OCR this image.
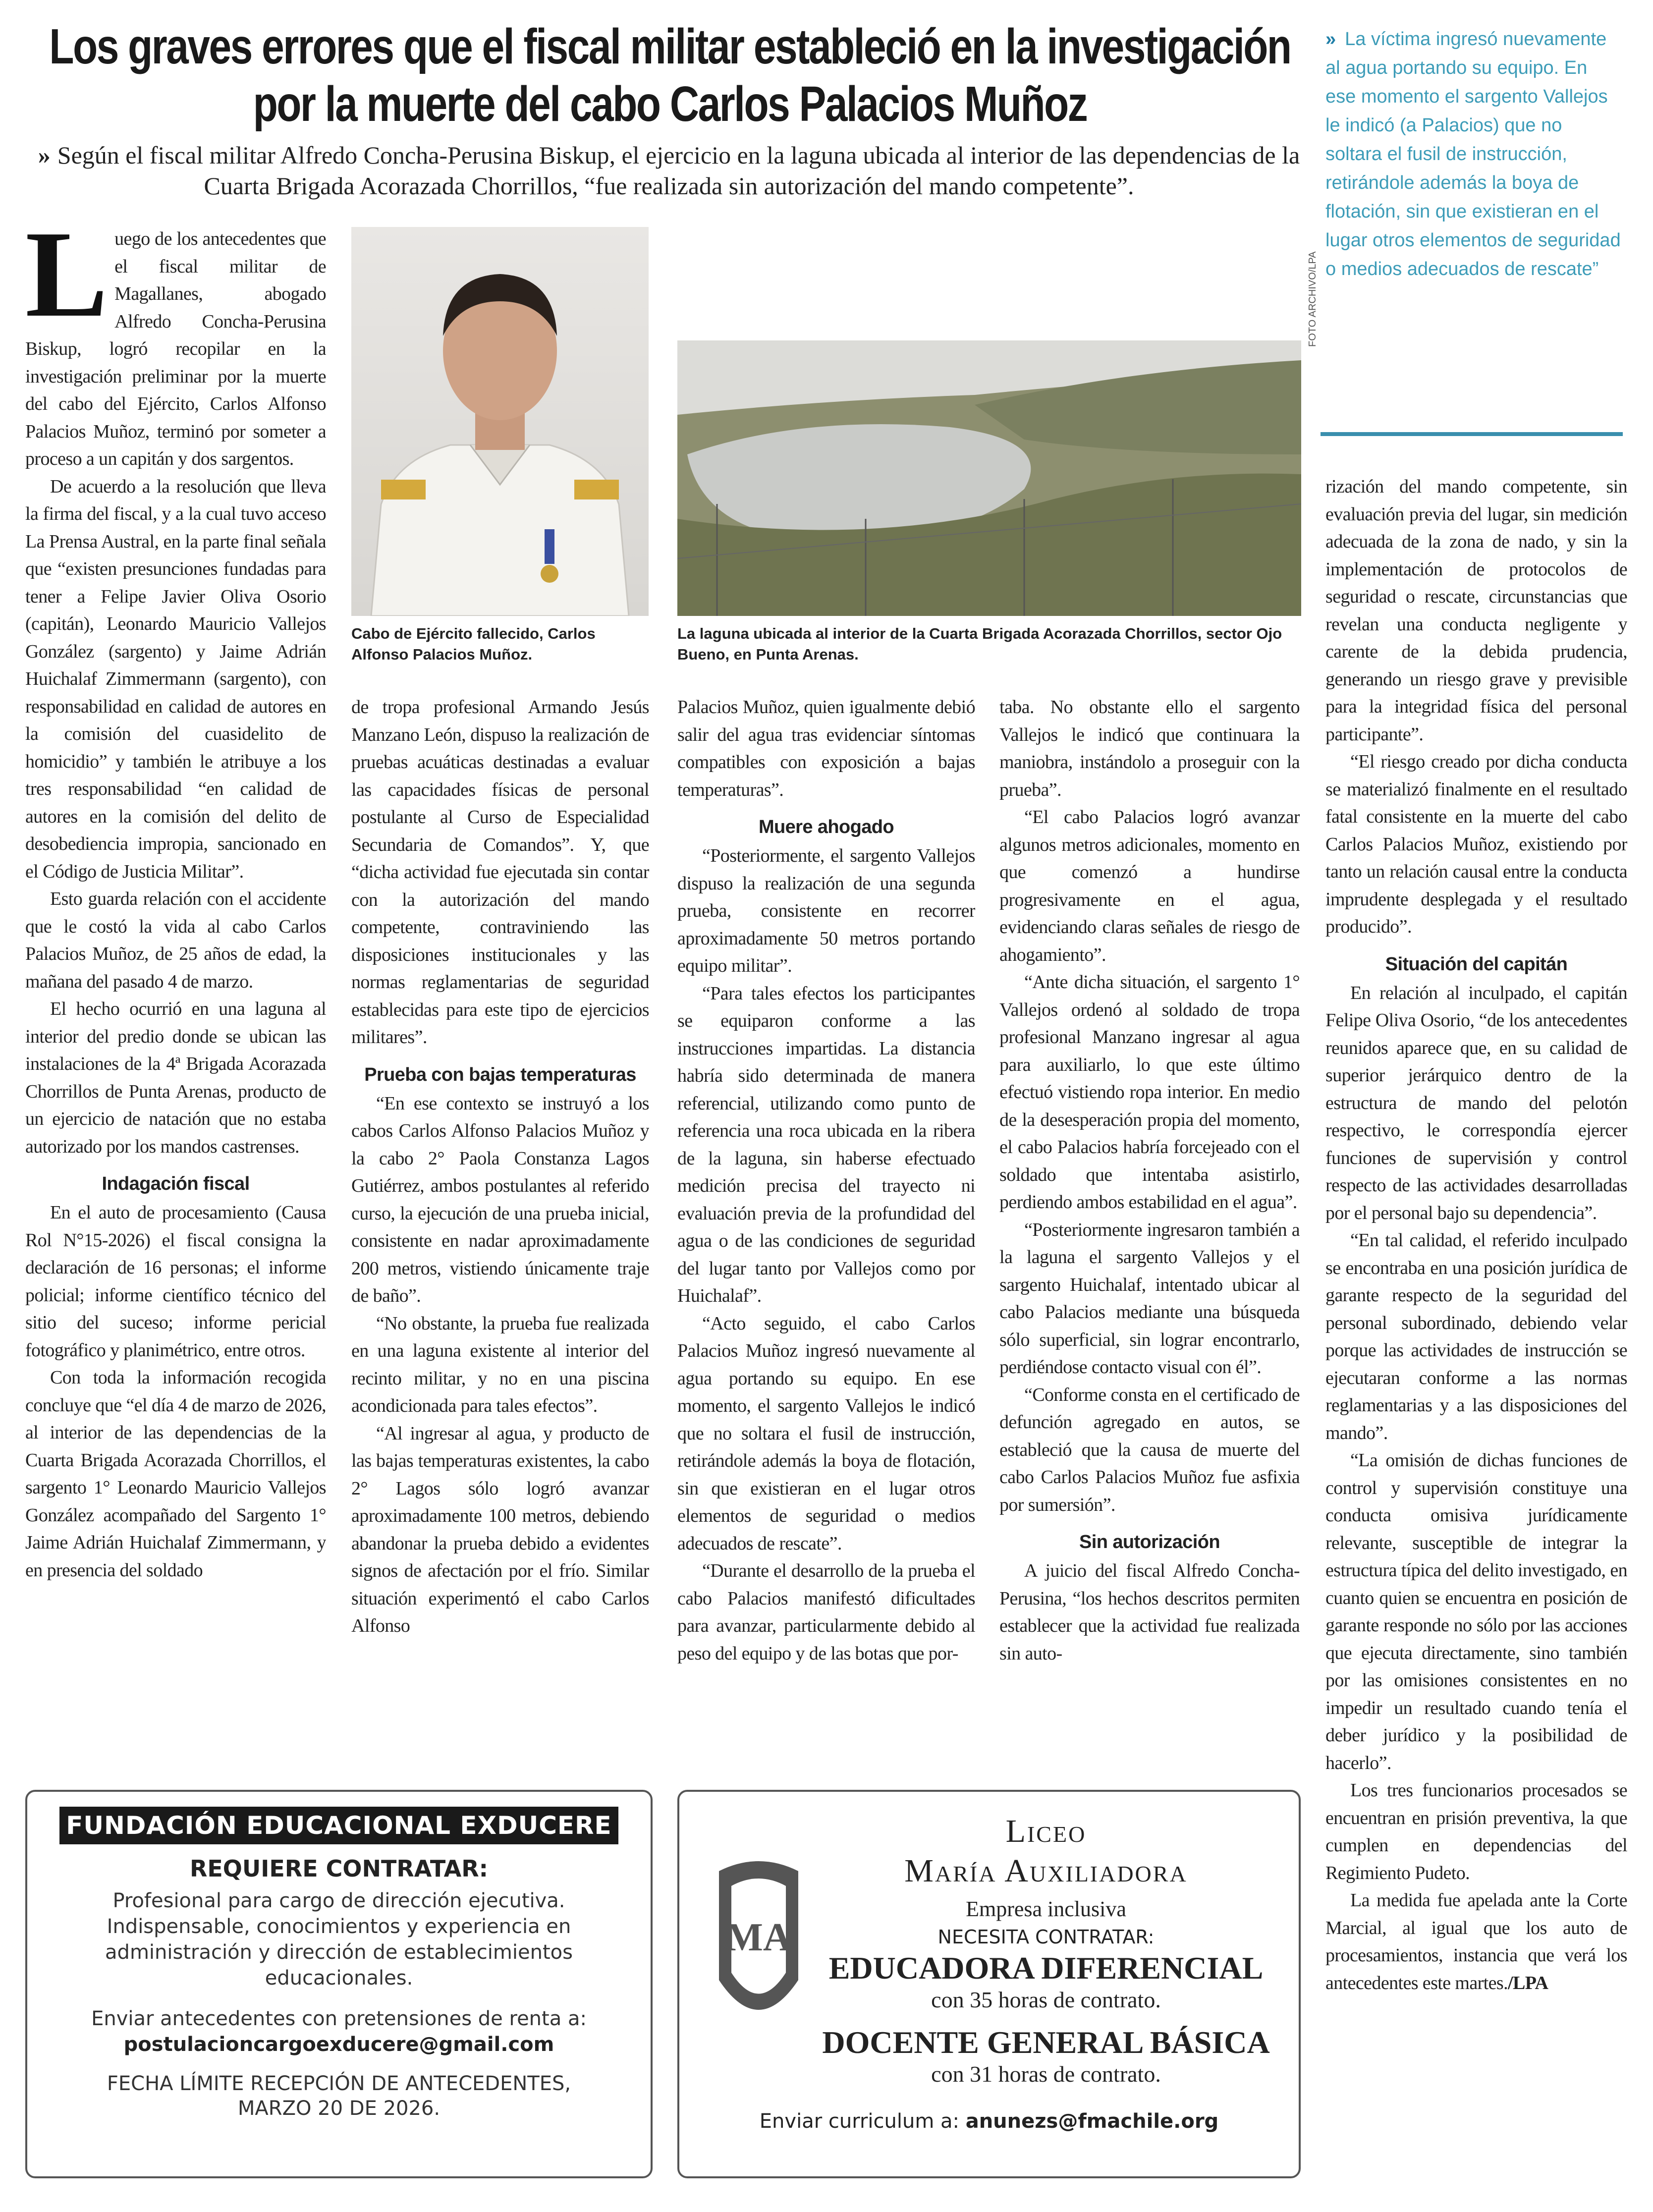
Los graves errores que el fiscal militar estableció en la investigación por la muerte del cabo Carlos Palacios Muñoz
» Según el fiscal militar Alfredo Concha-Perusina Biskup, el ejercicio en la laguna ubicada al interior de las dependencias de la Cuarta Brigada Acorazada Chorrillos, “fue realizada sin autorización del mando competente”.
» La víctima ingresó nuevamente al agua portando su equipo. En ese momento el sargento Vallejos le indicó (a Palacios) que no soltara el fusil de instrucción, retirándole además la boya de flotación, sin que existieran en el lugar otros elementos de seguridad o medios adecuados de rescate”
L uego de los antecedentes que el fiscal militar de Magallanes, abogado Alfredo Concha-Perusina Biskup, logró recopilar en la investigación preliminar por la muerte del cabo del Ejército, Carlos Alfonso Palacios Muñoz, terminó por someter a proceso a un capitán y dos sargentos.

De acuerdo a la resolución que lleva la firma del fiscal, y a la cual tuvo acceso La Prensa Austral, en la parte final señala que “existen presunciones fundadas para tener a Felipe Javier Oliva Osorio (capitán), Leonardo Mauricio Vallejos González (sargento) y Jaime Adrián Huichalaf Zimmermann (sargento), con responsabilidad en calidad de autores en la comisión del cuasidelito de homicidio” y también le atribuye a los tres responsabilidad “en calidad de autores en la comisión del delito de desobediencia impropia, sancionado en el Código de Justicia Militar”.

Esto guarda relación con el accidente que le costó la vida al cabo Carlos Palacios Muñoz, de 25 años de edad, la mañana del pasado 4 de marzo.

El hecho ocurrió en una laguna al interior del predio donde se ubican las instalaciones de la 4ª Brigada Acorazada Chorrillos de Punta Arenas, producto de un ejercicio de natación que no estaba autorizado por los mandos castrenses.

Indagación fiscal

En el auto de procesamiento (Causa Rol N°15-2026) el fiscal consigna la declaración de 16 personas; el informe policial; informe científico técnico del sitio del suceso; informe pericial fotográfico y planimétrico, entre otros.

Con toda la información recogida concluye que “el día 4 de marzo de 2026, al interior de las dependencias de la Cuarta Brigada Acorazada Chorrillos, el sargento 1° Leonardo Mauricio Vallejos González acompañado del Sargento 1° Jaime Adrián Huichalaf Zimmermann, y en presencia del soldado

Cabo de Ejército fallecido, Carlos Alfonso Palacios Muñoz.
FOTO ARCHIVO/LPA
La laguna ubicada al interior de la Cuarta Brigada Acorazada Chorrillos, sector Ojo Bueno, en Punta Arenas.

de tropa profesional Armando Jesús Manzano León, dispuso la realización de pruebas acuáticas destinadas a evaluar las capacidades físicas de personal postulante al Curso de Especialidad Secundaria de Comandos”. Y, que “dicha actividad fue ejecutada sin contar con la autorización del mando competente, contraviniendo las disposiciones institucionales y las normas reglamentarias de seguridad establecidas para este tipo de ejercicios militares”.

Prueba con bajas temperaturas

“En ese contexto se instruyó a los cabos Carlos Alfonso Palacios Muñoz y la cabo 2° Paola Constanza Lagos Gutiérrez, ambos postulantes al referido curso, la ejecución de una prueba inicial, consistente en nadar aproximadamente 200 metros, vistiendo únicamente traje de baño”.

“No obstante, la prueba fue realizada en una laguna existente al interior del recinto militar, y no en una piscina acondicionada para tales efectos”.

“Al ingresar al agua, y producto de las bajas temperaturas existentes, la cabo 2° Lagos sólo logró avanzar aproximadamente 100 metros, debiendo abandonar la prueba debido a evidentes signos de afectación por el frío. Similar situación experimentó el cabo Carlos Alfonso

Palacios Muñoz, quien igualmente debió salir del agua tras evidenciar síntomas compatibles con exposición a bajas temperaturas”.

Muere ahogado

“Posteriormente, el sargento Vallejos dispuso la realización de una segunda prueba, consistente en recorrer aproximadamente 50 metros portando equipo militar”.

“Para tales efectos los participantes se equiparon conforme a las instrucciones impartidas. La distancia habría sido determinada de manera referencial, utilizando como punto de referencia una roca ubicada en la ribera de la laguna, sin haberse efectuado medición precisa del trayecto ni evaluación previa de la profundidad del agua o de las condiciones de seguridad del lugar tanto por Vallejos como por Huichalaf”.

“Acto seguido, el cabo Carlos Palacios Muñoz ingresó nuevamente al agua portando su equipo. En ese momento, el sargento Vallejos le indicó que no soltara el fusil de instrucción, retirándole además la boya de flotación, sin que existieran en el lugar otros elementos de seguridad o medios adecuados de rescate”.

“Durante el desarrollo de la prueba el cabo Palacios manifestó dificultades para avanzar, particularmente debido al peso del equipo y de las botas que por-

taba. No obstante ello el sargento Vallejos le indicó que continuara la maniobra, instándolo a proseguir con la prueba”.

“El cabo Palacios logró avanzar algunos metros adicionales, momento en que comenzó a hundirse progresivamente en el agua, evidenciando claras señales de riesgo de ahogamiento”.

“Ante dicha situación, el sargento 1° Vallejos ordenó al soldado de tropa profesional Manzano ingresar al agua para auxiliarlo, lo que este último efectuó vistiendo ropa interior. En medio de la desesperación propia del momento, el cabo Palacios habría forcejeado con el soldado que intentaba asistirlo, perdiendo ambos estabilidad en el agua”.

“Posteriormente ingresaron también a la laguna el sargento Vallejos y el sargento Huichalaf, intentado ubicar al cabo Palacios mediante una búsqueda sólo superficial, sin lograr encontrarlo, perdiéndose contacto visual con él”.

“Conforme consta en el certificado de defunción agregado en autos, se estableció que la causa de muerte del cabo Carlos Palacios Muñoz fue asfixia por sumersión”.

Sin autorización

A juicio del fiscal Alfredo Concha-Perusina, “los hechos descritos permiten establecer que la actividad fue realizada sin auto-

rización del mando competente, sin evaluación previa del lugar, sin medición adecuada de la zona de nado, y sin la implementación de protocolos de seguridad o rescate, circunstancias que revelan una conducta negligente y carente de la debida prudencia, generando un riesgo grave y previsible para la integridad física del personal participante”.

“El riesgo creado por dicha conducta se materializó finalmente en el resultado fatal consistente en la muerte del cabo Carlos Palacios Muñoz, existiendo por tanto un relación causal entre la conducta imprudente desplegada y el resultado producido”.

Situación del capitán

En relación al inculpado, el capitán Felipe Oliva Osorio, “de los antecedentes reunidos aparece que, en su calidad de superior jerárquico dentro de la estructura de mando del pelotón respectivo, le correspondía ejercer funciones de supervisión y control respecto de las actividades desarrolladas por el personal bajo su dependencia”.

“En tal calidad, el referido inculpado se encontraba en una posición jurídica de garante respecto de la seguridad del personal subordinado, debiendo velar porque las actividades de instrucción se ejecutaran conforme a las normas reglamentarias y a las disposiciones del mando”.

“La omisión de dichas funciones de control y supervisión constituye una conducta omisiva jurídicamente relevante, susceptible de integrar la estructura típica del delito investigado, en cuanto quien se encuentra en posición de garante responde no sólo por las acciones que ejecuta directamente, sino también por las omisiones consistentes en no impedir un resultado cuando tenía el deber jurídico y la posibilidad de hacerlo”.

Los tres funcionarios procesados se encuentran en prisión preventiva, la que cumplen en dependencias del Regimiento Pudeto.

La medida fue apelada ante la Corte Marcial, al igual que los auto de procesamientos, instancia que verá los antecedentes este martes./LPA

FUNDACIÓN EDUCACIONAL EXDUCERE
REQUIERE CONTRATAR:
Profesional para cargo de dirección ejecutiva. Indispensable, conocimientos y experiencia en administración y dirección de establecimientos educacionales.
Enviar antecedentes con pretensiones de renta a:
postulacioncargoexducere@gmail.com
FECHA LÍMITE RECEPCIÓN DE ANTECEDENTES, MARZO 20 DE 2026.
MA
Liceo
María Auxiliadora
Empresa inclusiva
NECESITA CONTRATAR:
EDUCADORA DIFERENCIAL
con 35 horas de contrato.
DOCENTE GENERAL BÁSICA
con 31 horas de contrato.
Enviar curriculum a: anunezs@fmachile.org
